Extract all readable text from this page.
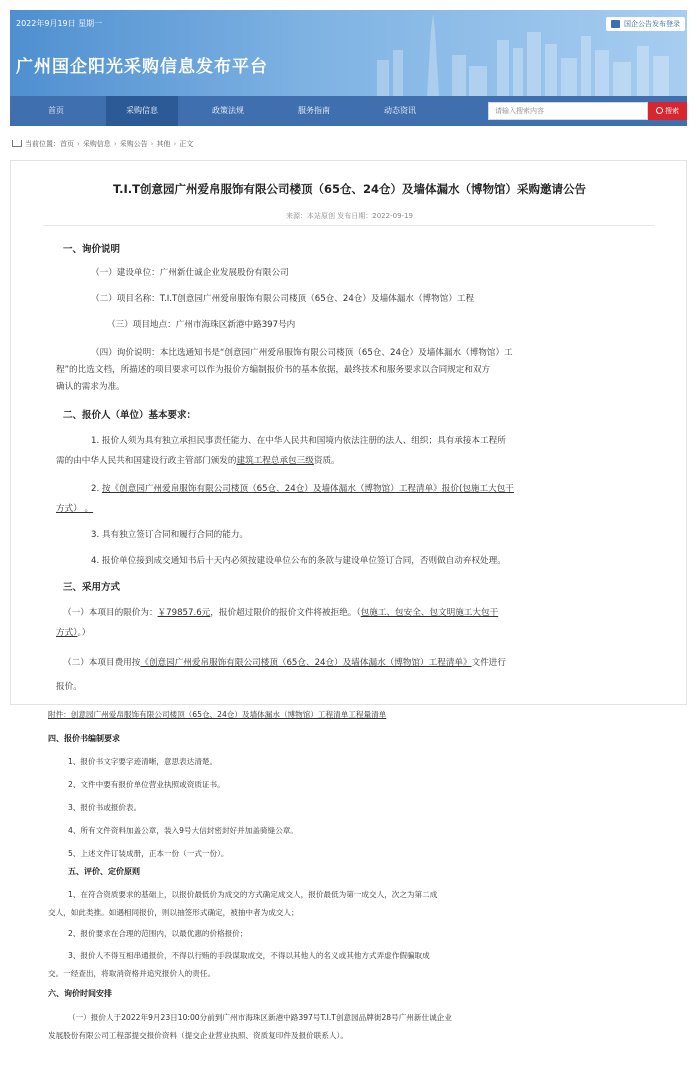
2022年9月19日 星期一	国企公告发布登录
广州国企阳光采购信息发布平台
首页	采购信息	政策法规	服务指南	动态资讯	请输入搜索内容	搜索
当前位置：首页 › 采购信息 › 采购公告 › 其他 › 正文
T.I.T创意园广州爱帛服饰有限公司楼顶（65仓、24仓）及墙体漏水（博物馆）采购邀请公告
来源：本站原创 发布日期：2022-09-19
一、询价说明
（一）建设单位：广州新仕诚企业发展股份有限公司
（二）项目名称：T.I.T创意园广州爱帛服饰有限公司楼顶（65仓、24仓）及墙体漏水（博物馆）工程
（三）项目地点：广州市海珠区新港中路397号内
（四）询价说明：本比选通知书是“创意园广州爱帛服饰有限公司楼顶（65仓、24仓）及墙体漏水（博物馆）工
程”的比选文档，所描述的项目要求可以作为报价方编制报价书的基本依据，最终技术和服务要求以合同规定和双方
确认的需求为准。
二、报价人（单位）基本要求：
1. 报价人须为具有独立承担民事责任能力、在中华人民共和国境内依法注册的法人、组织；具有承接本工程所
需的由中华人民共和国建设行政主管部门颁发的建筑工程总承包三级资质。
2. 按《创意园广州爱帛服饰有限公司楼顶（65仓、24仓）及墙体漏水（博物馆）工程清单》报价(包施工大包干
方式） 。
3. 具有独立签订合同和履行合同的能力。
4. 报价单位接到成交通知书后十天内必须按建设单位公布的条款与建设单位签订合同，否则做自动弃权处理。
三、采用方式
（一）本项目的限价为：￥79857.6元，报价超过限价的报价文件将被拒绝。（包施工、包安全、包文明施工大包干
方式）。）
（二）本项目费用按《创意园广州爱帛服饰有限公司楼顶（65仓、24仓）及墙体漏水（博物馆）工程清单》文件进行
报价。
附件：创意园广州爱帛服饰有限公司楼顶（65仓、24仓）及墙体漏水（博物馆）工程清单工程量清单
四、报价书编制要求
1、报价书文字要字迹清晰，意思表达清楚。
2、文件中要有报价单位营业执照或资质证书。
3、报价书或报价表。
4、所有文件资料加盖公章，装入9号大信封密封好并加盖骑缝公章。
5、上述文件订装成册，正本一份（一式一份）。
五、评价、定价原则
1、在符合资质要求的基础上，以报价最低价为成交的方式确定成交人，报价最低为第一成交人，次之为第二成
交人，如此类推。如遇相同报价，则以抽签形式确定，被抽中者为成交人；
2、报价要求在合理的范围内，以最优惠的价格报价；
3、报价人不得互相串通报价，不得以行贿的手段谋取成交，不得以其他人的名义或其他方式弄虚作假骗取成
交。一经查出，将取消资格并追究报价人的责任。
六、询价时间安排
（一）报价人于2022年9月23日10:00分前到广州市海珠区新港中路397号T.I.T创意园品牌街28号广州新仕诚企业
发展股份有限公司工程部提交报价资料（提交企业营业执照、资质复印件及报价联系人）。
